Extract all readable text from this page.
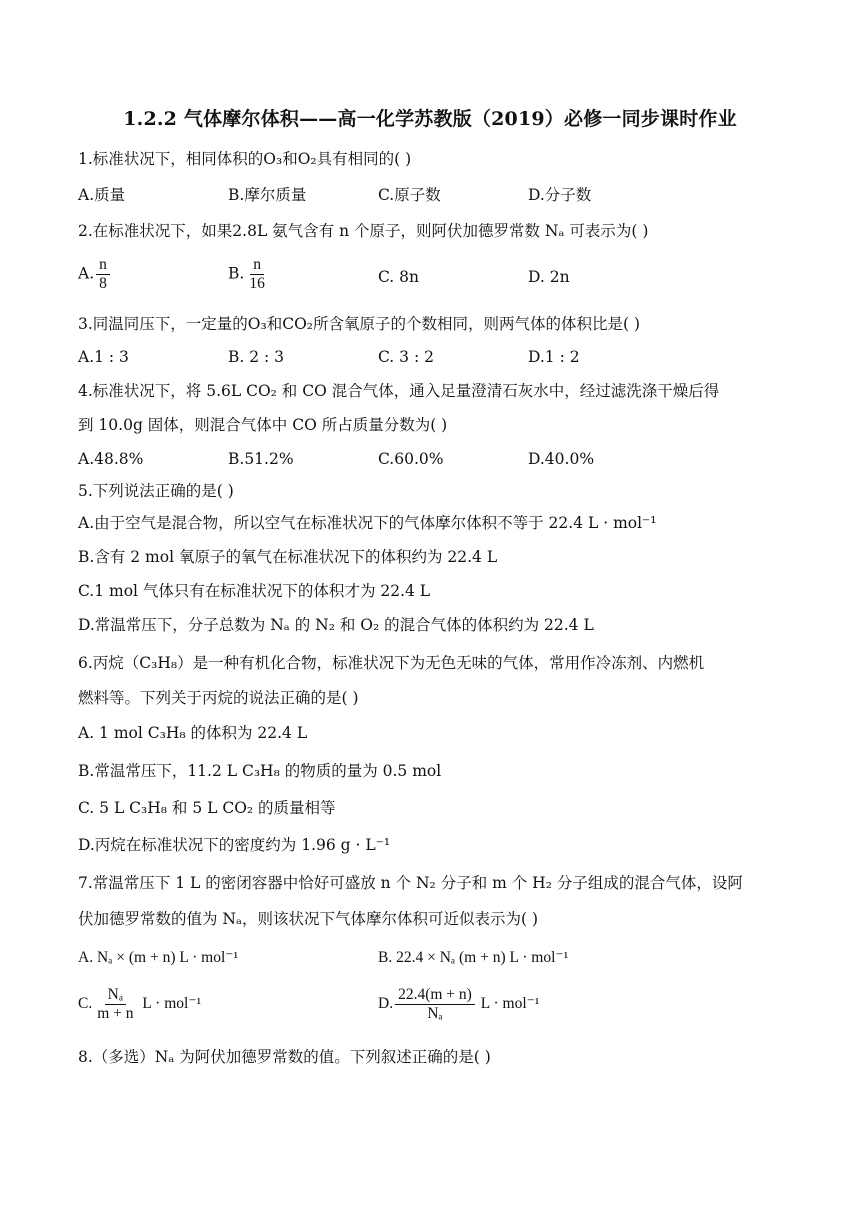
1.2.2 气体摩尔体积——高一化学苏教版（2019）必修一同步课时作业
1.标准状况下，相同体积的O₃和O₂具有相同的( )
A.质量	B.摩尔质量	C.原子数	D.分子数
2.在标准状况下，如果2.8L 氨气含有 n 个原子，则阿伏加德罗常数 Nₐ 可表示为( )
A. $\frac{n}{8}$	B. $\frac{n}{16}$	C. 8n	D. 2n
3.同温同压下，一定量的O₃和CO₂所含氧原子的个数相同，则两气体的体积比是( )
A.1 : 3	B. 2 : 3	C. 3 : 2	D.1 : 2
4.标准状况下，将 5.6L CO₂ 和 CO 混合气体，通入足量澄清石灰水中，经过滤洗涤干燥后得
到 10.0g 固体，则混合气体中 CO 所占质量分数为( )
A.48.8%	B.51.2%	C.60.0%	D.40.0%
5.下列说法正确的是( )
A.由于空气是混合物，所以空气在标准状况下的气体摩尔体积不等于 22.4 L · mol⁻¹
B.含有 2 mol 氧原子的氧气在标准状况下的体积约为 22.4 L
C.1 mol 气体只有在标准状况下的体积才为 22.4 L
D.常温常压下，分子总数为 Nₐ 的 N₂ 和 O₂ 的混合气体的体积约为 22.4 L
6.丙烷（C₃H₈）是一种有机化合物，标准状况下为无色无味的气体，常用作冷冻剂、内燃机
燃料等。下列关于丙烷的说法正确的是( )
A. 1 mol C₃H₈ 的体积为 22.4 L
B.常温常压下，11.2 L C₃H₈ 的物质的量为 0.5 mol
C. 5 L C₃H₈ 和 5 L CO₂ 的质量相等
D.丙烷在标准状况下的密度约为 1.96 g · L⁻¹
7.常温常压下 1 L 的密闭容器中恰好可盛放 n 个 N₂ 分子和 m 个 H₂ 分子组成的混合气体，设阿
伏加德罗常数的值为 Nₐ，则该状况下气体摩尔体积可近似表示为( )
A. Nₐ × (m + n) L · mol⁻¹	B. 22.4 × Nₐ (m + n) L · mol⁻¹
C. $\frac{\text{Nₐ}}{m + n}$ L · mol⁻¹	D. $\frac{22.4(m + n)}{\text{Nₐ}}$ L · mol⁻¹
8.（多选）Nₐ 为阿伏加德罗常数的值。下列叙述正确的是( )
